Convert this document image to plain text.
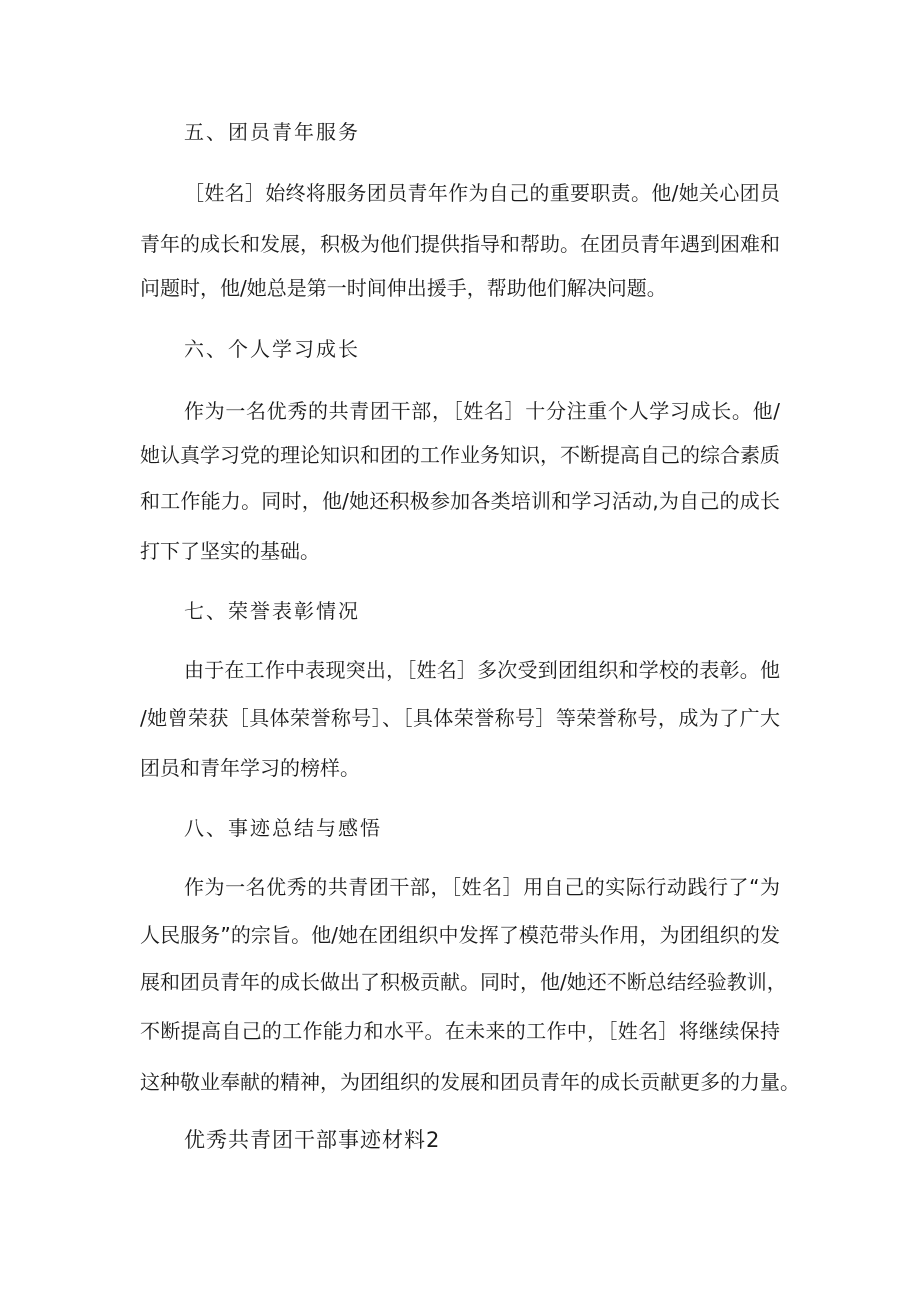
五、团员青年服务
［姓名］始终将服务团员青年作为自己的重要职责。他/她关心团员
青年的成长和发展，积极为他们提供指导和帮助。在团员青年遇到困难和
问题时，他/她总是第一时间伸出援手，帮助他们解决问题。
六、个人学习成长
作为一名优秀的共青团干部，［姓名］十分注重个人学习成长。他/
她认真学习党的理论知识和团的工作业务知识，不断提高自己的综合素质
和工作能力。同时，他/她还积极参加各类培训和学习活动,为自己的成长
打下了坚实的基础。
七、荣誉表彰情况
由于在工作中表现突出，［姓名］多次受到团组织和学校的表彰。他
/她曾荣获［具体荣誉称号］、［具体荣誉称号］等荣誉称号，成为了广大
团员和青年学习的榜样。
八、事迹总结与感悟
作为一名优秀的共青团干部，［姓名］用自己的实际行动践行了“为
人民服务”的宗旨。他/她在团组织中发挥了模范带头作用，为团组织的发
展和团员青年的成长做出了积极贡献。同时，他/她还不断总结经验教训，
不断提高自己的工作能力和水平。在未来的工作中，［姓名］将继续保持
这种敬业奉献的精神，为团组织的发展和团员青年的成长贡献更多的力量。
优秀共青团干部事迹材料2
